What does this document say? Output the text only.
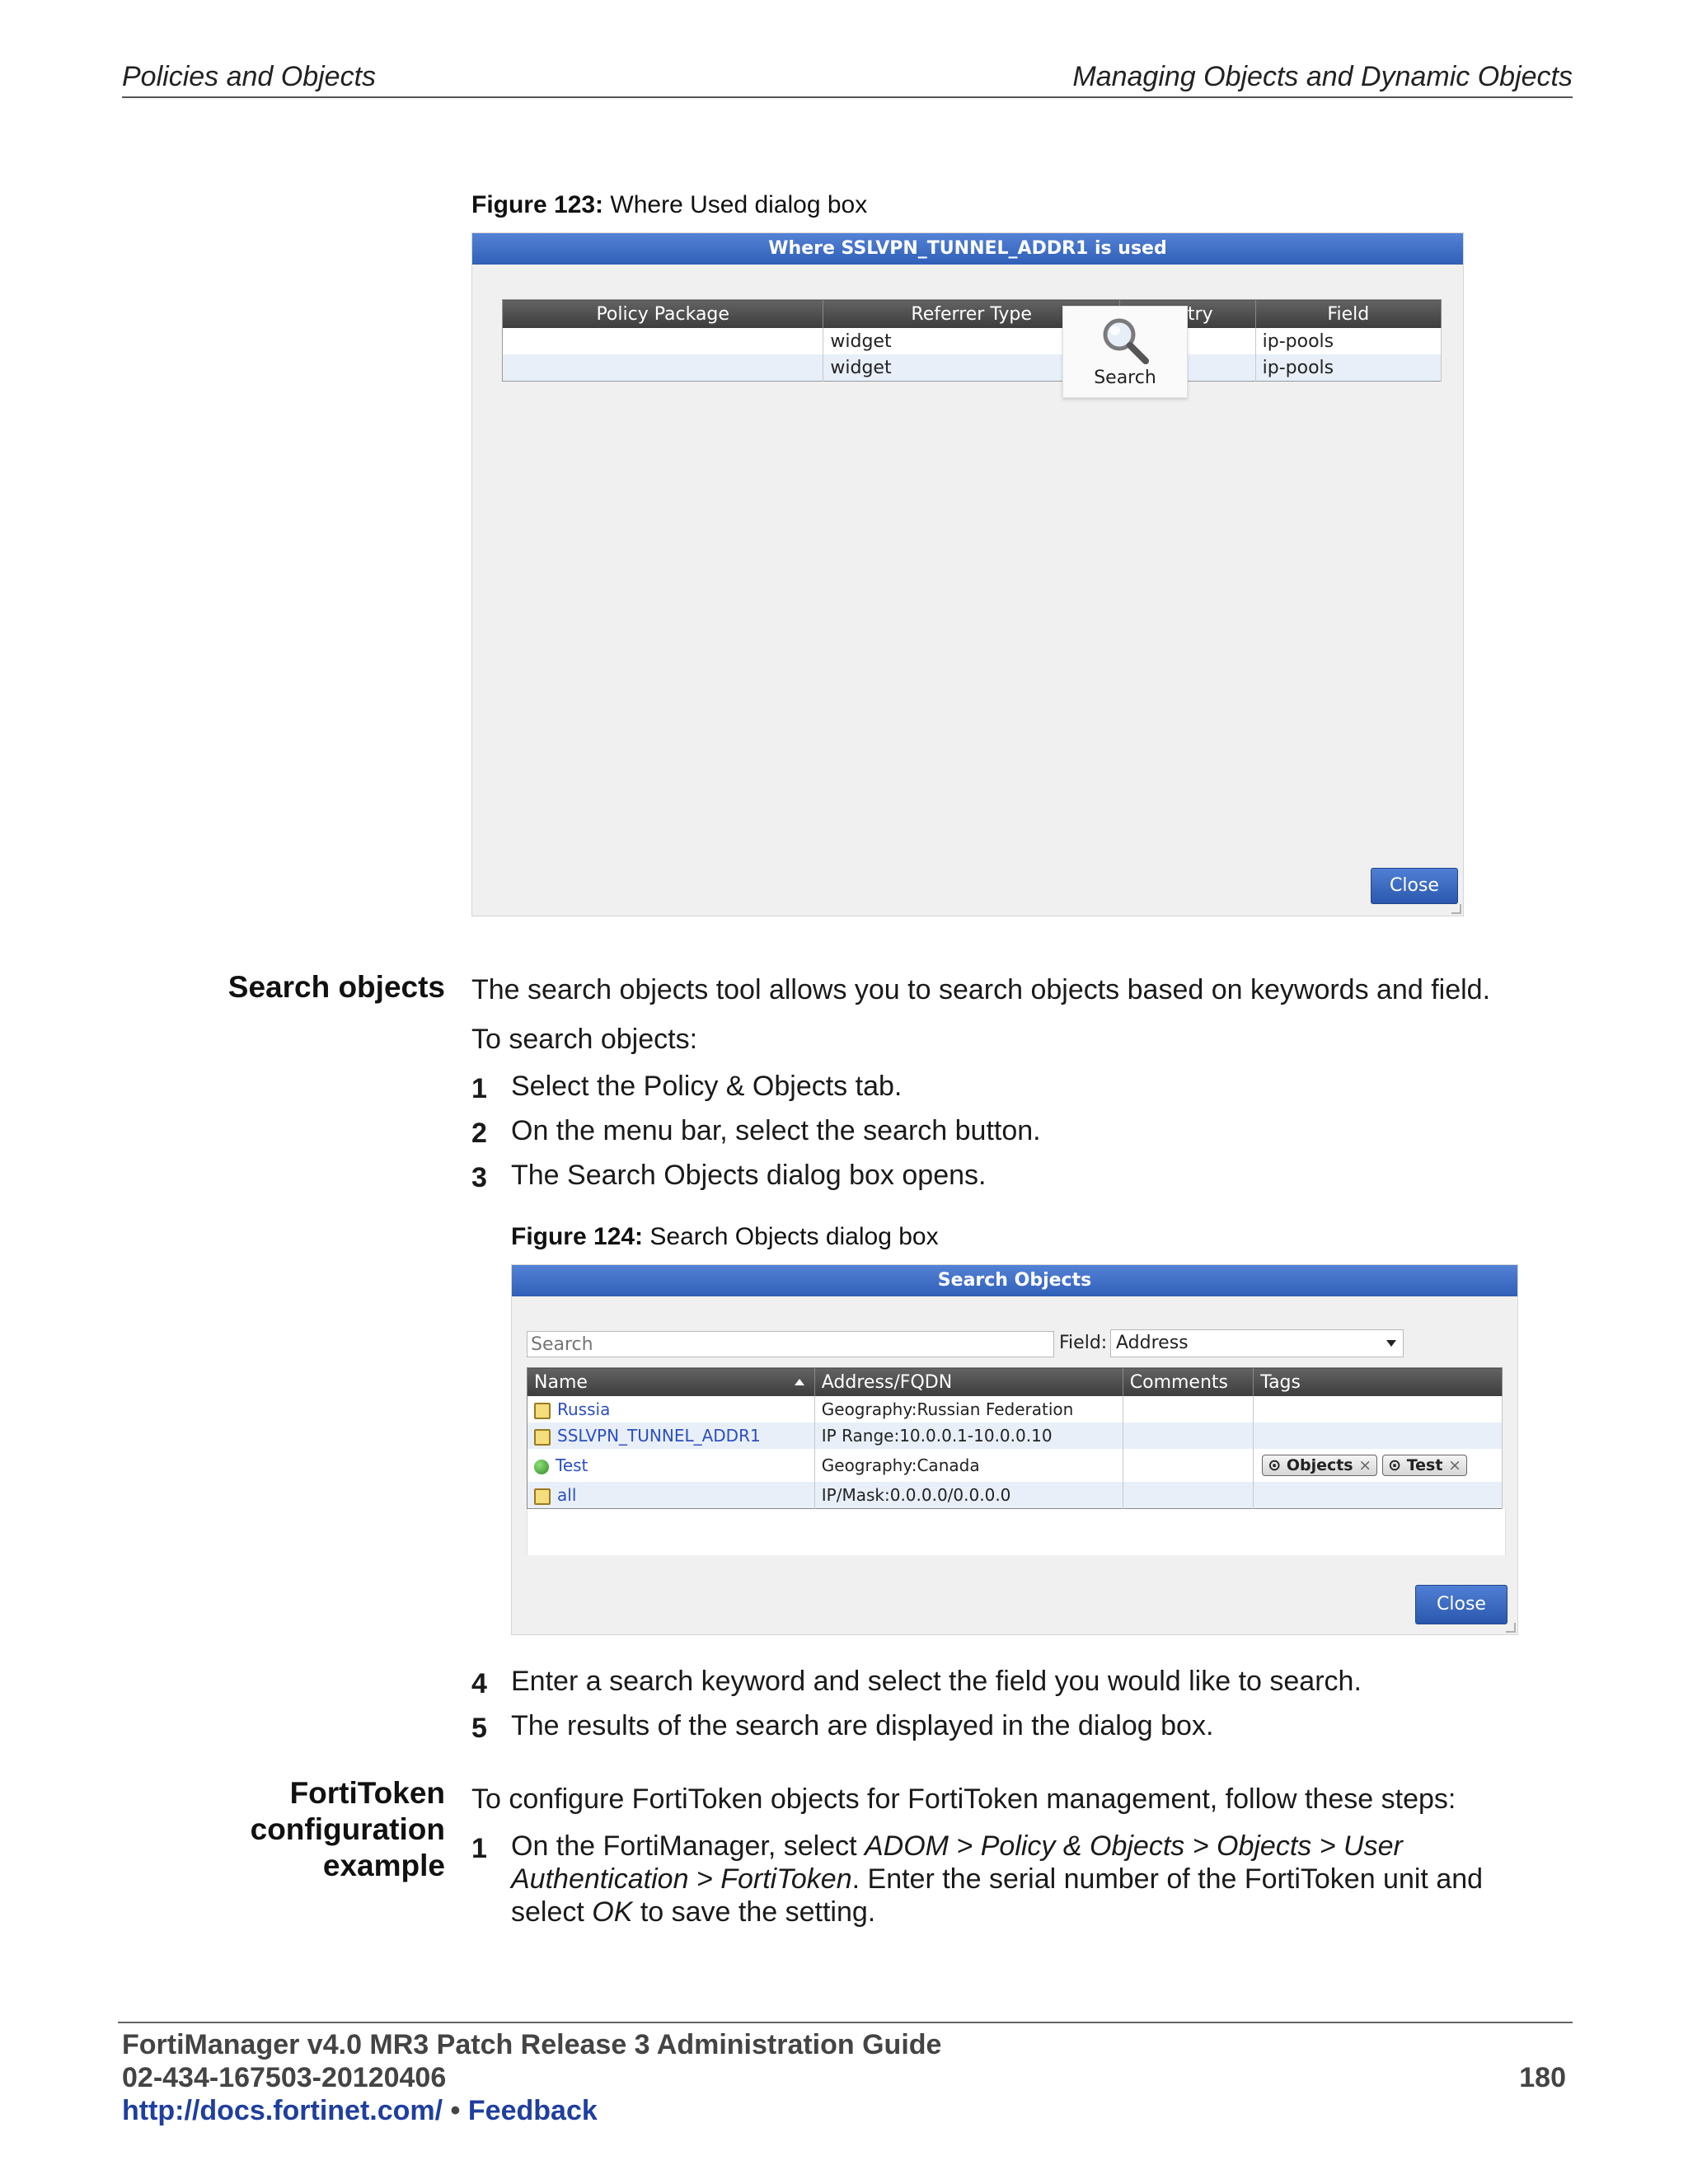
Policies and Objects	Managing Objects and Dynamic Objects
Figure 123: Where Used dialog box
Where SSLVPN_TUNNEL_ADDR1 is used
Policy Package	Referrer Type	try	Field
	widget		ip-pools
	widget		ip-pools
Search
Close
Search objects The search objects tool allows you to search objects based on keywords and field.
To search objects:
1 Select the Policy & Objects tab.
2 On the menu bar, select the search button.
3 The Search Objects dialog box opens.
Figure 124: Search Objects dialog box
Search Objects
Search
Field: Address
Name	Address/FQDN	Comments	Tags
Russia	Geography:Russian Federation		
SSLVPN_TUNNEL_ADDR1	IP Range:10.0.0.1-10.0.0.10		
Test	Geography:Canada		⊙ Objects × ⊙ Test ×
all	IP/Mask:0.0.0.0/0.0.0.0		
Close
4 Enter a search keyword and select the field you would like to search.
5 The results of the search are displayed in the dialog box.
FortiToken
configuration
example
To configure FortiToken objects for FortiToken management, follow these steps:
1 On the FortiManager, select ADOM > Policy & Objects > Objects > User
Authentication > FortiToken. Enter the serial number of the FortiToken unit and
select OK to save the setting.
FortiManager v4.0 MR3 Patch Release 3 Administration Guide
02-434-167503-20120406	180
http://docs.fortinet.com/ • Feedback
